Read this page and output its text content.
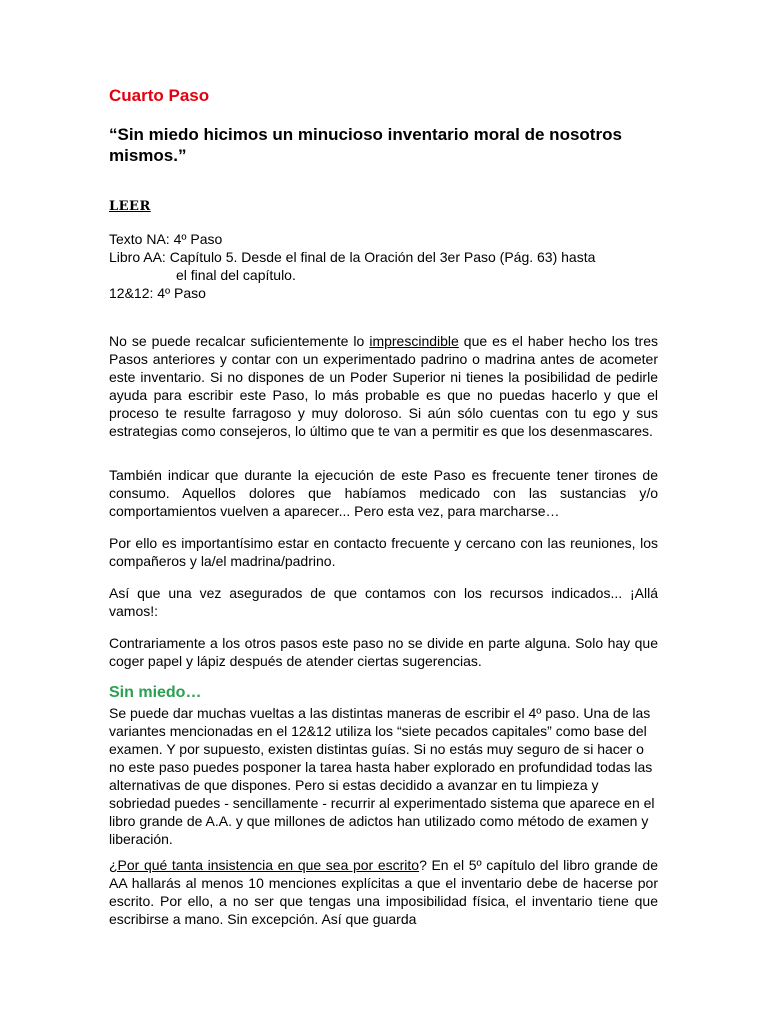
Cuarto Paso

“Sin miedo hicimos un minucioso inventario moral de nosotros mismos.”

LEER

Texto NA: 4º Paso
Libro AA: Capítulo 5. Desde el final de la Oración del 3er Paso (Pág. 63) hasta
el final del capítulo.
12&12: 4º Paso

No se puede recalcar suficientemente lo imprescindible que es el haber hecho los tres Pasos anteriores y contar con un experimentado padrino o madrina antes de acometer este inventario. Si no dispones de un Poder Superior ni tienes la posibilidad de pedirle ayuda para escribir este Paso, lo más probable es que no puedas hacerlo y que el proceso te resulte farragoso y muy doloroso. Si aún sólo cuentas con tu ego y sus estrategias como consejeros, lo último que te van a permitir es que los desenmascares.

También indicar que durante la ejecución de este Paso es frecuente tener tirones de consumo. Aquellos dolores que habíamos medicado con las sustancias y/o comportamientos vuelven a aparecer... Pero esta vez, para marcharse…

Por ello es importantísimo estar en contacto frecuente y cercano con las reuniones, los compañeros y la/el madrina/padrino.

Así que una vez asegurados de que contamos con los recursos indicados... ¡Allá vamos!:

Contrariamente a los otros pasos este paso no se divide en parte alguna. Solo hay que coger papel y lápiz después de atender ciertas sugerencias.

Sin miedo…

Se puede dar muchas vueltas a las distintas maneras de escribir el 4º paso. Una de las variantes mencionadas en el 12&12 utiliza los “siete pecados capitales” como base del examen. Y por supuesto, existen distintas guías. Si no estás muy seguro de si hacer o no este paso puedes posponer la tarea hasta haber explorado en profundidad todas las alternativas de que dispones. Pero si estas decidido a avanzar en tu limpieza y sobriedad puedes - sencillamente - recurrir al experimentado sistema que aparece en el libro grande de A.A. y que millones de adictos han utilizado como método de examen y liberación.

¿Por qué tanta insistencia en que sea por escrito? En el 5º capítulo del libro grande de AA hallarás al menos 10 menciones explícitas a que el inventario debe de hacerse por escrito. Por ello, a no ser que tengas una imposibilidad física, el inventario tiene que escribirse a mano. Sin excepción. Así que guarda
